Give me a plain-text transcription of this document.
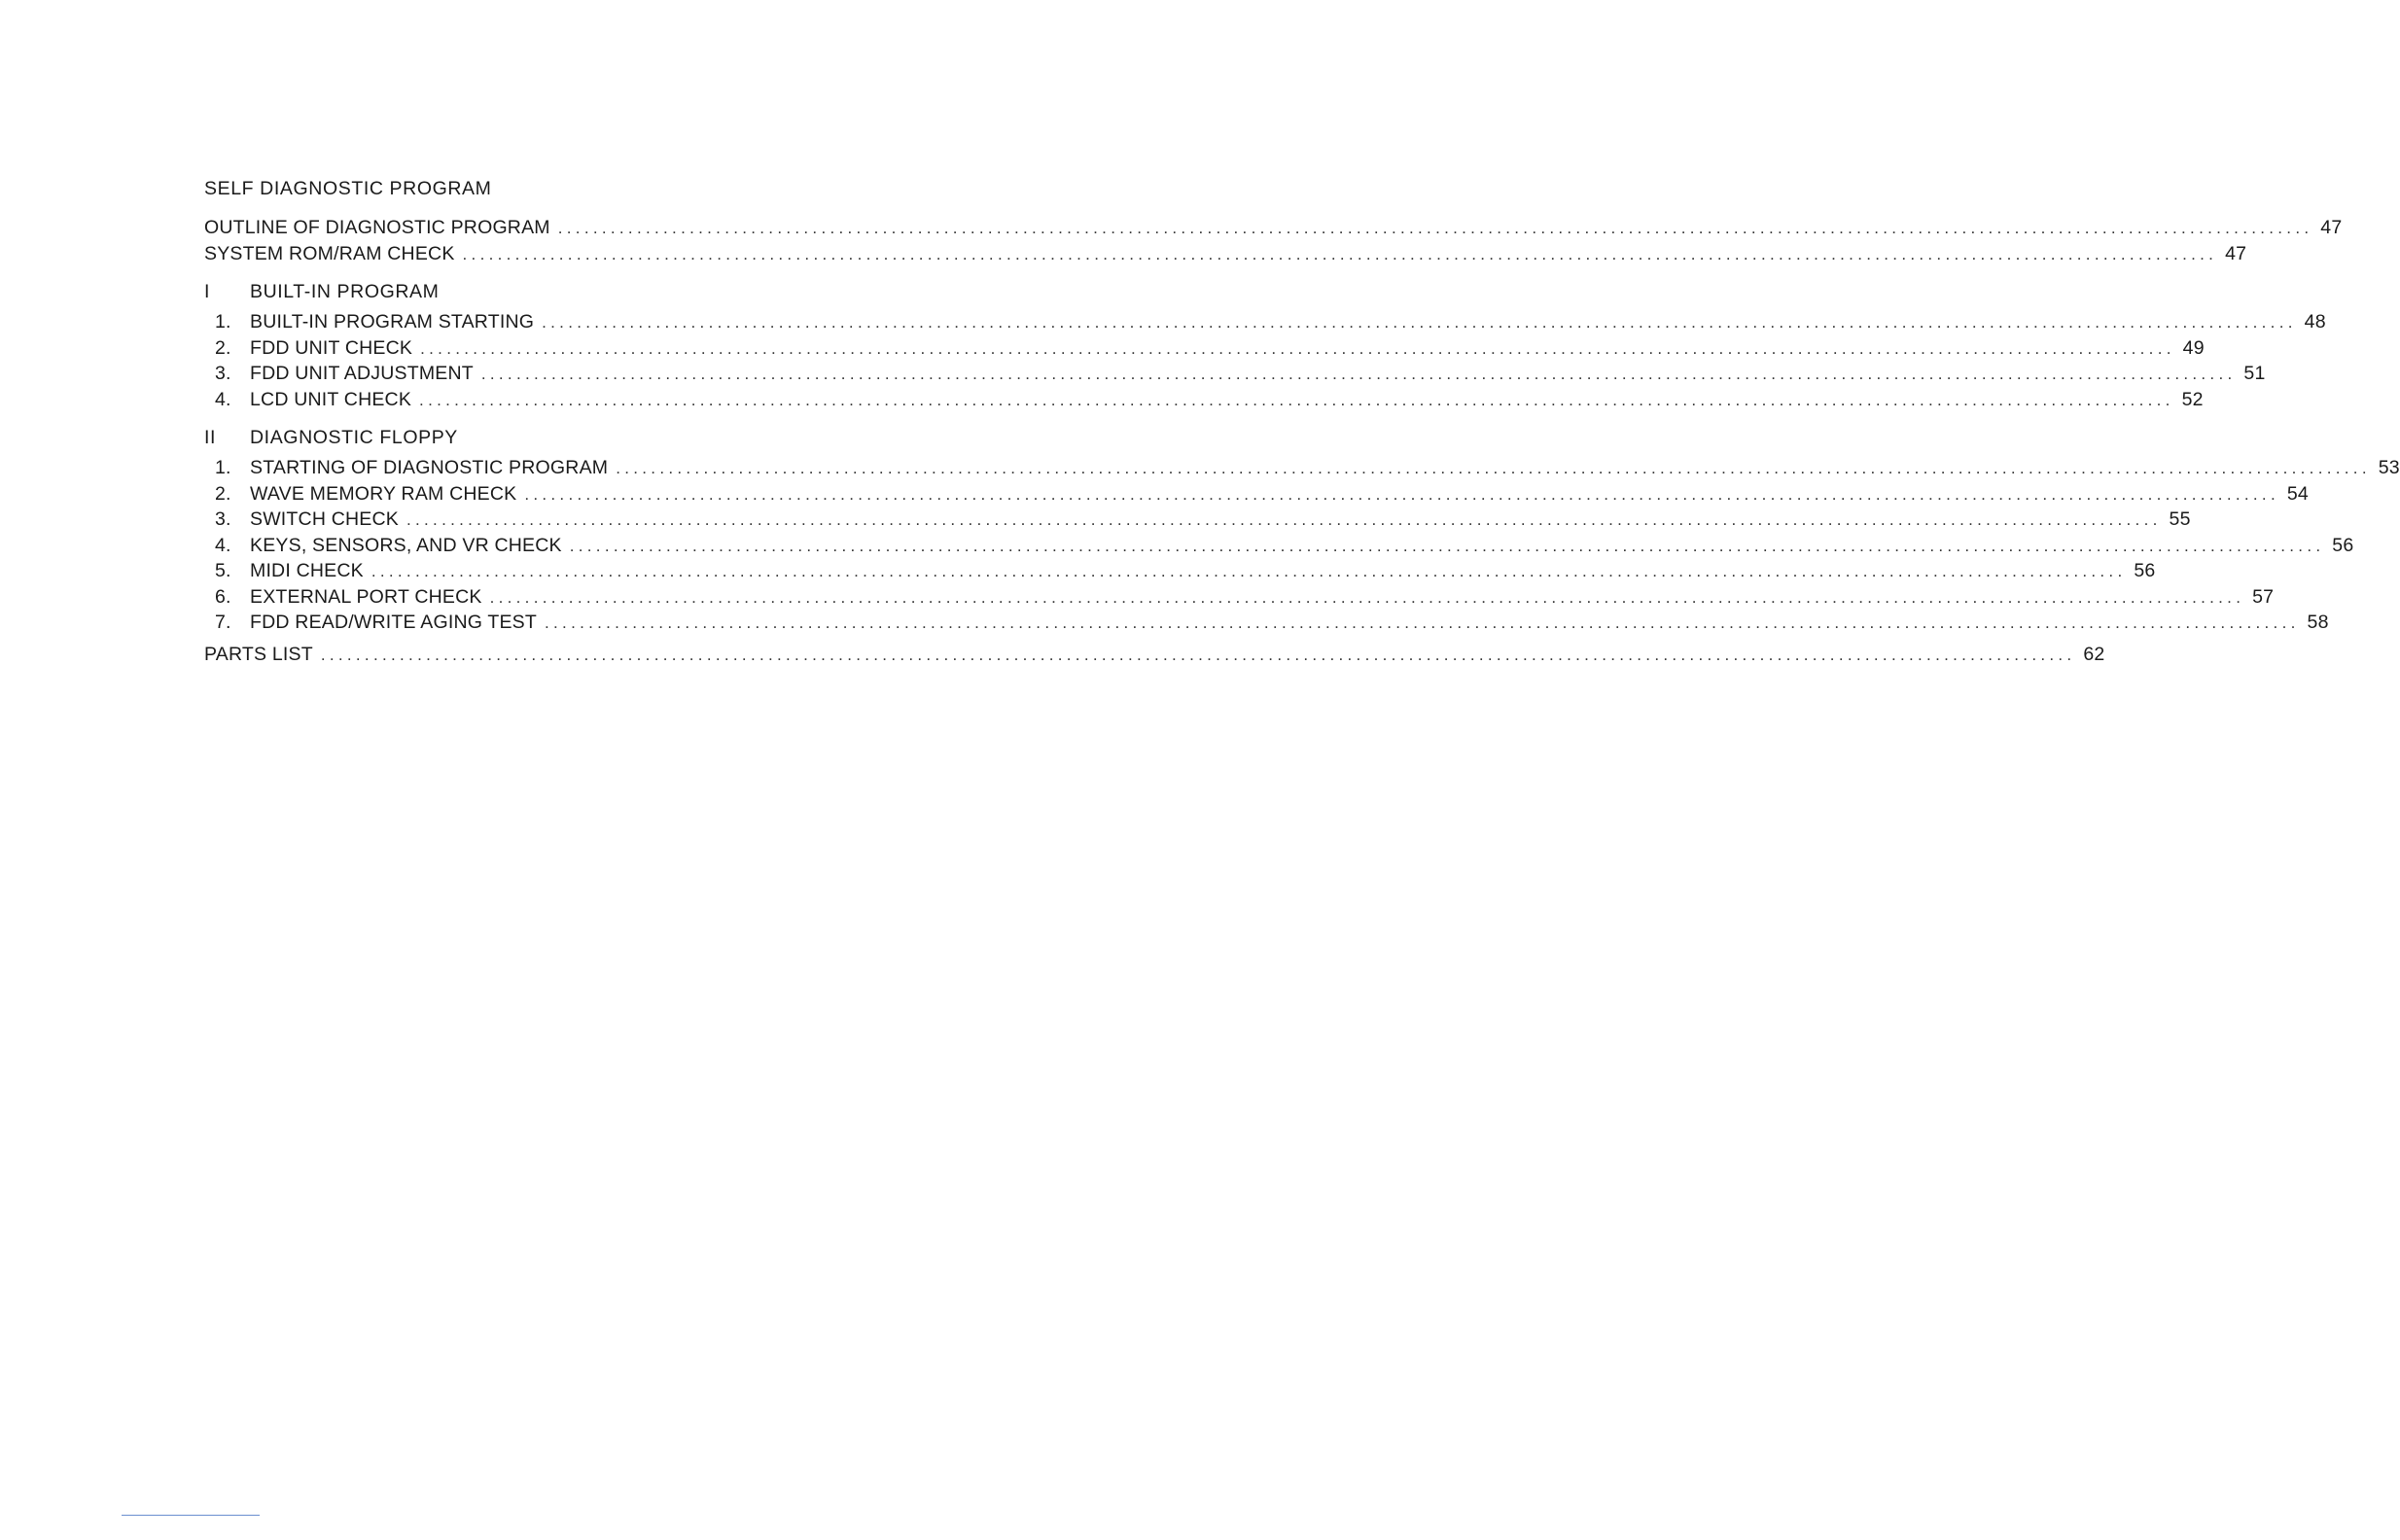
SELF DIAGNOSTIC PROGRAM
OUTLINE OF DIAGNOSTIC PROGRAM ........................................................................................................................................................................................................ 47
SYSTEM ROM/RAM CHECK ........................................................................................................................................................................................................ 47
I	BUILT-IN PROGRAM
1. BUILT-IN PROGRAM STARTING ........................................................................................................................................................................................................ 48
2. FDD UNIT CHECK ........................................................................................................................................................................................................ 49
3. FDD UNIT ADJUSTMENT ........................................................................................................................................................................................................ 51
4. LCD UNIT CHECK ........................................................................................................................................................................................................ 52
II	DIAGNOSTIC FLOPPY
1. STARTING OF DIAGNOSTIC PROGRAM ........................................................................................................................................................................................................ 53
2. WAVE MEMORY RAM CHECK ........................................................................................................................................................................................................ 54
3. SWITCH CHECK ........................................................................................................................................................................................................ 55
4. KEYS, SENSORS, AND VR CHECK ........................................................................................................................................................................................................ 56
5. MIDI CHECK ........................................................................................................................................................................................................ 56
6. EXTERNAL PORT CHECK ........................................................................................................................................................................................................ 57
7. FDD READ/WRITE AGING TEST ........................................................................................................................................................................................................ 58
PARTS LIST ........................................................................................................................................................................................................ 62
